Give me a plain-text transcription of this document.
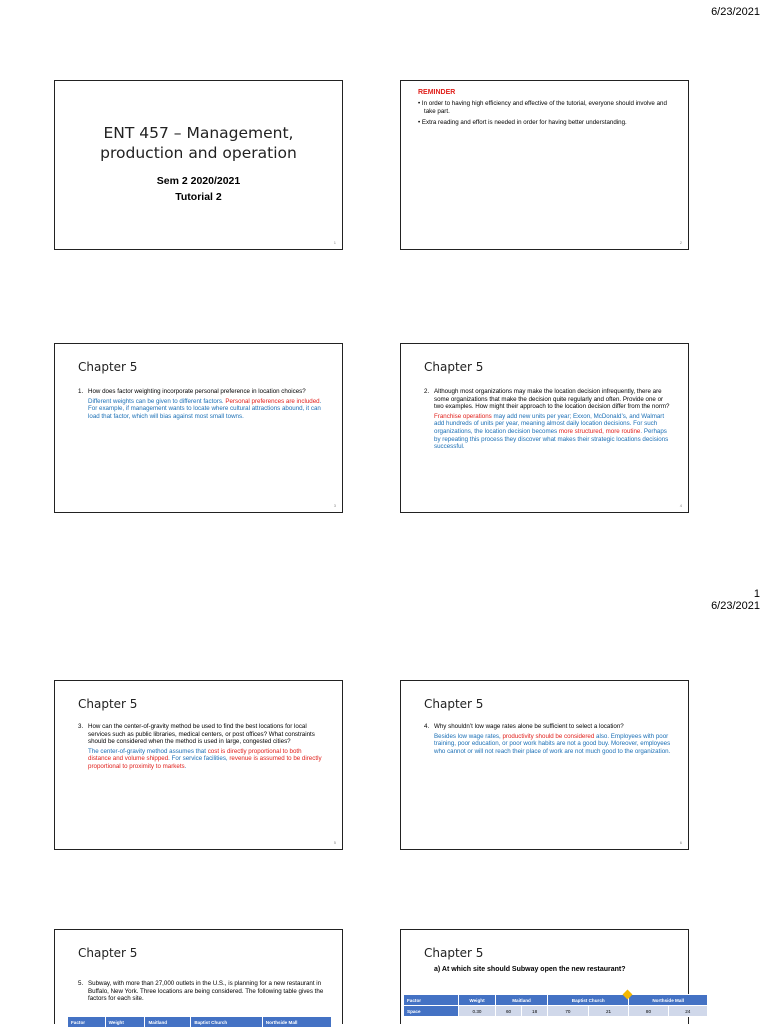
6/23/2021
ENT 457 – Management,
production and operation
Sem 2 2020/2021
Tutorial 2
1
REMINDER
• In order to having high efficiency and effective of the tutorial, everyone should involve and take part.
• Extra reading and effort is needed in order for having better understanding.
2
Chapter 5
1. How does factor weighting incorporate personal preference in location choices?
Different weights can be given to different factors. Personal preferences are included. For example, if management wants to locate where cultural attractions abound, it can load that factor, which will bias against most small towns.
3
Chapter 5
2. Although most organizations may make the location decision infrequently, there are some organizations that make the decision quite regularly and often. Provide one or two examples. How might their approach to the location decision differ from the norm?
Franchise operations may add new units per year; Exxon, McDonald’s, and Walmart add hundreds of units per year, meaning almost daily location decisions. For such organizations, the location decision becomes more structured, more routine. Perhaps by repeating this process they discover what makes their strategic locations decisions successful.
4
1
6/23/2021
Chapter 5
3. How can the center-of-gravity method be used to find the best locations for local services such as public libraries, medical centers, or post offices? What constraints should be considered when the method is used in large, congested cities?
The center-of-gravity method assumes that cost is directly proportional to both distance and volume shipped. For service facilities, revenue is assumed to be directly proportional to proximity to markets.
5
Chapter 5
4. Why shouldn’t low wage rates alone be sufficient to select a location?
Besides low wage rates, productivity should be considered also. Employees with poor training, poor education, or poor work habits are not a good buy. Moreover, employees who cannot or will not reach their place of work are not much good to the organization.
6
Chapter 5
5. Subway, with more than 27,000 outlets in the U.S., is planning for a new restaurant in Buffalo, New York. Three locations are being considered. The following table gives the factors for each site.
Factor	Weight	Maitland	Baptist Church	Northside Mall
Chapter 5
a) At which site should Subway open the new restaurant?
Factor	Weight	Maitland		Baptist Church		Northside Mall	
Space	0.30	60	18	70	21	80	24
